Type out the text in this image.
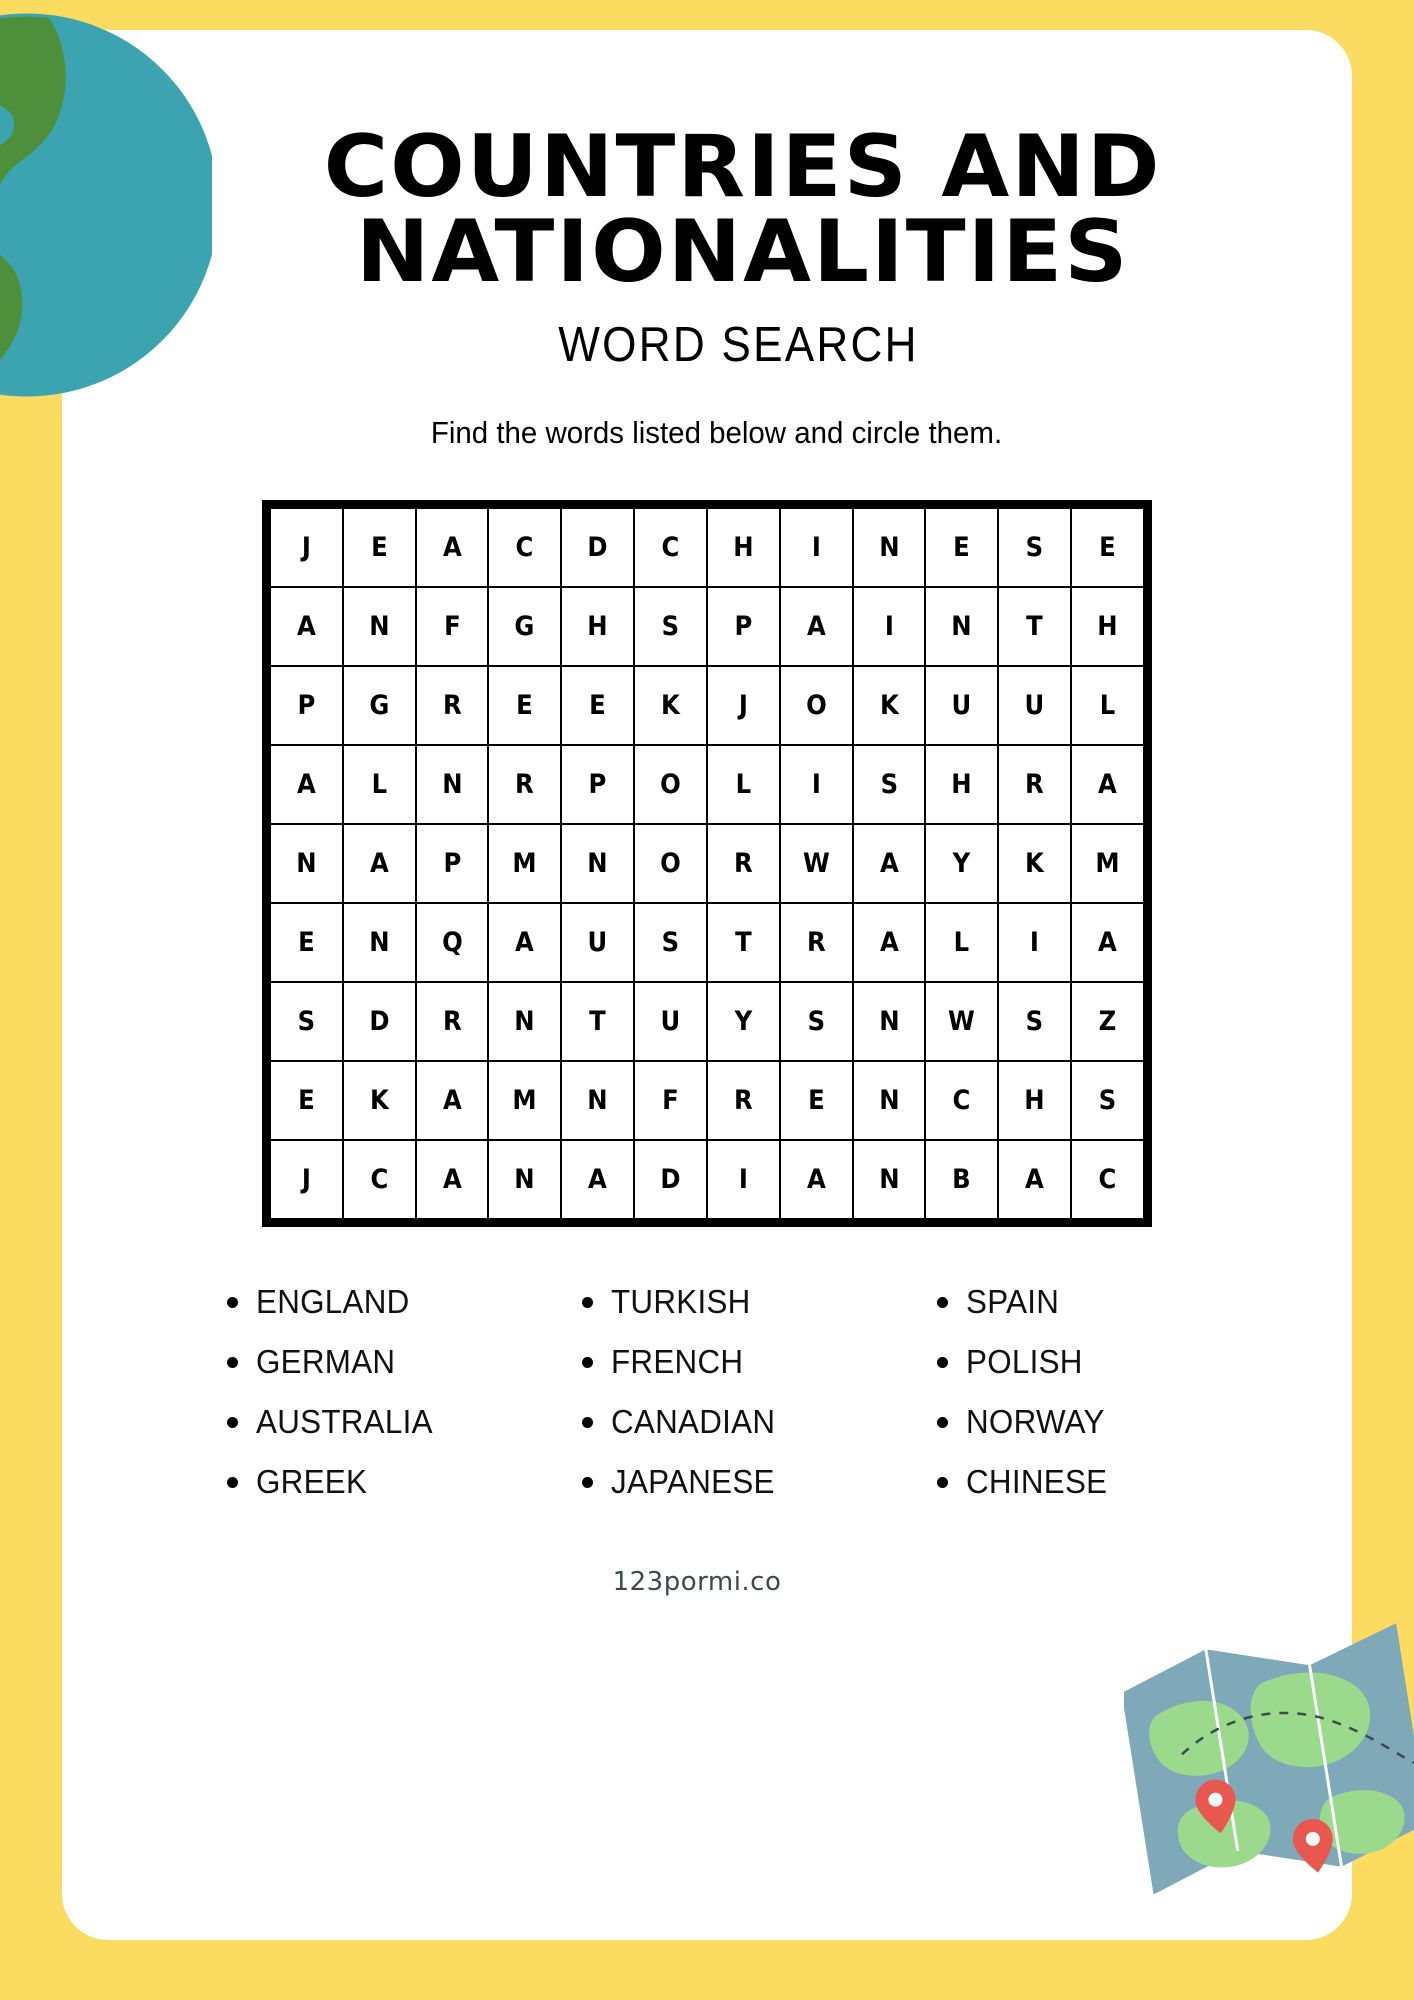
COUNTRIES AND
NATIONALITIES
WORD SEARCH
Find the words listed below and circle them.
J	E	A	C	D	C	H	I	N	E	S	E
A	N	F	G	H	S	P	A	I	N	T	H
P	G	R	E	E	K	J	O	K	U	U	L
A	L	N	R	P	O	L	I	S	H	R	A
N	A	P	M	N	O	R	W	A	Y	K	M
E	N	Q	A	U	S	T	R	A	L	I	A
S	D	R	N	T	U	Y	S	N	W	S	Z
E	K	A	M	N	F	R	E	N	C	H	S
J	C	A	N	A	D	I	A	N	B	A	C
ENGLAND
GERMAN
AUSTRALIA
GREEK
TURKISH
FRENCH
CANADIAN
JAPANESE
SPAIN
POLISH
NORWAY
CHINESE
123pormi.co
